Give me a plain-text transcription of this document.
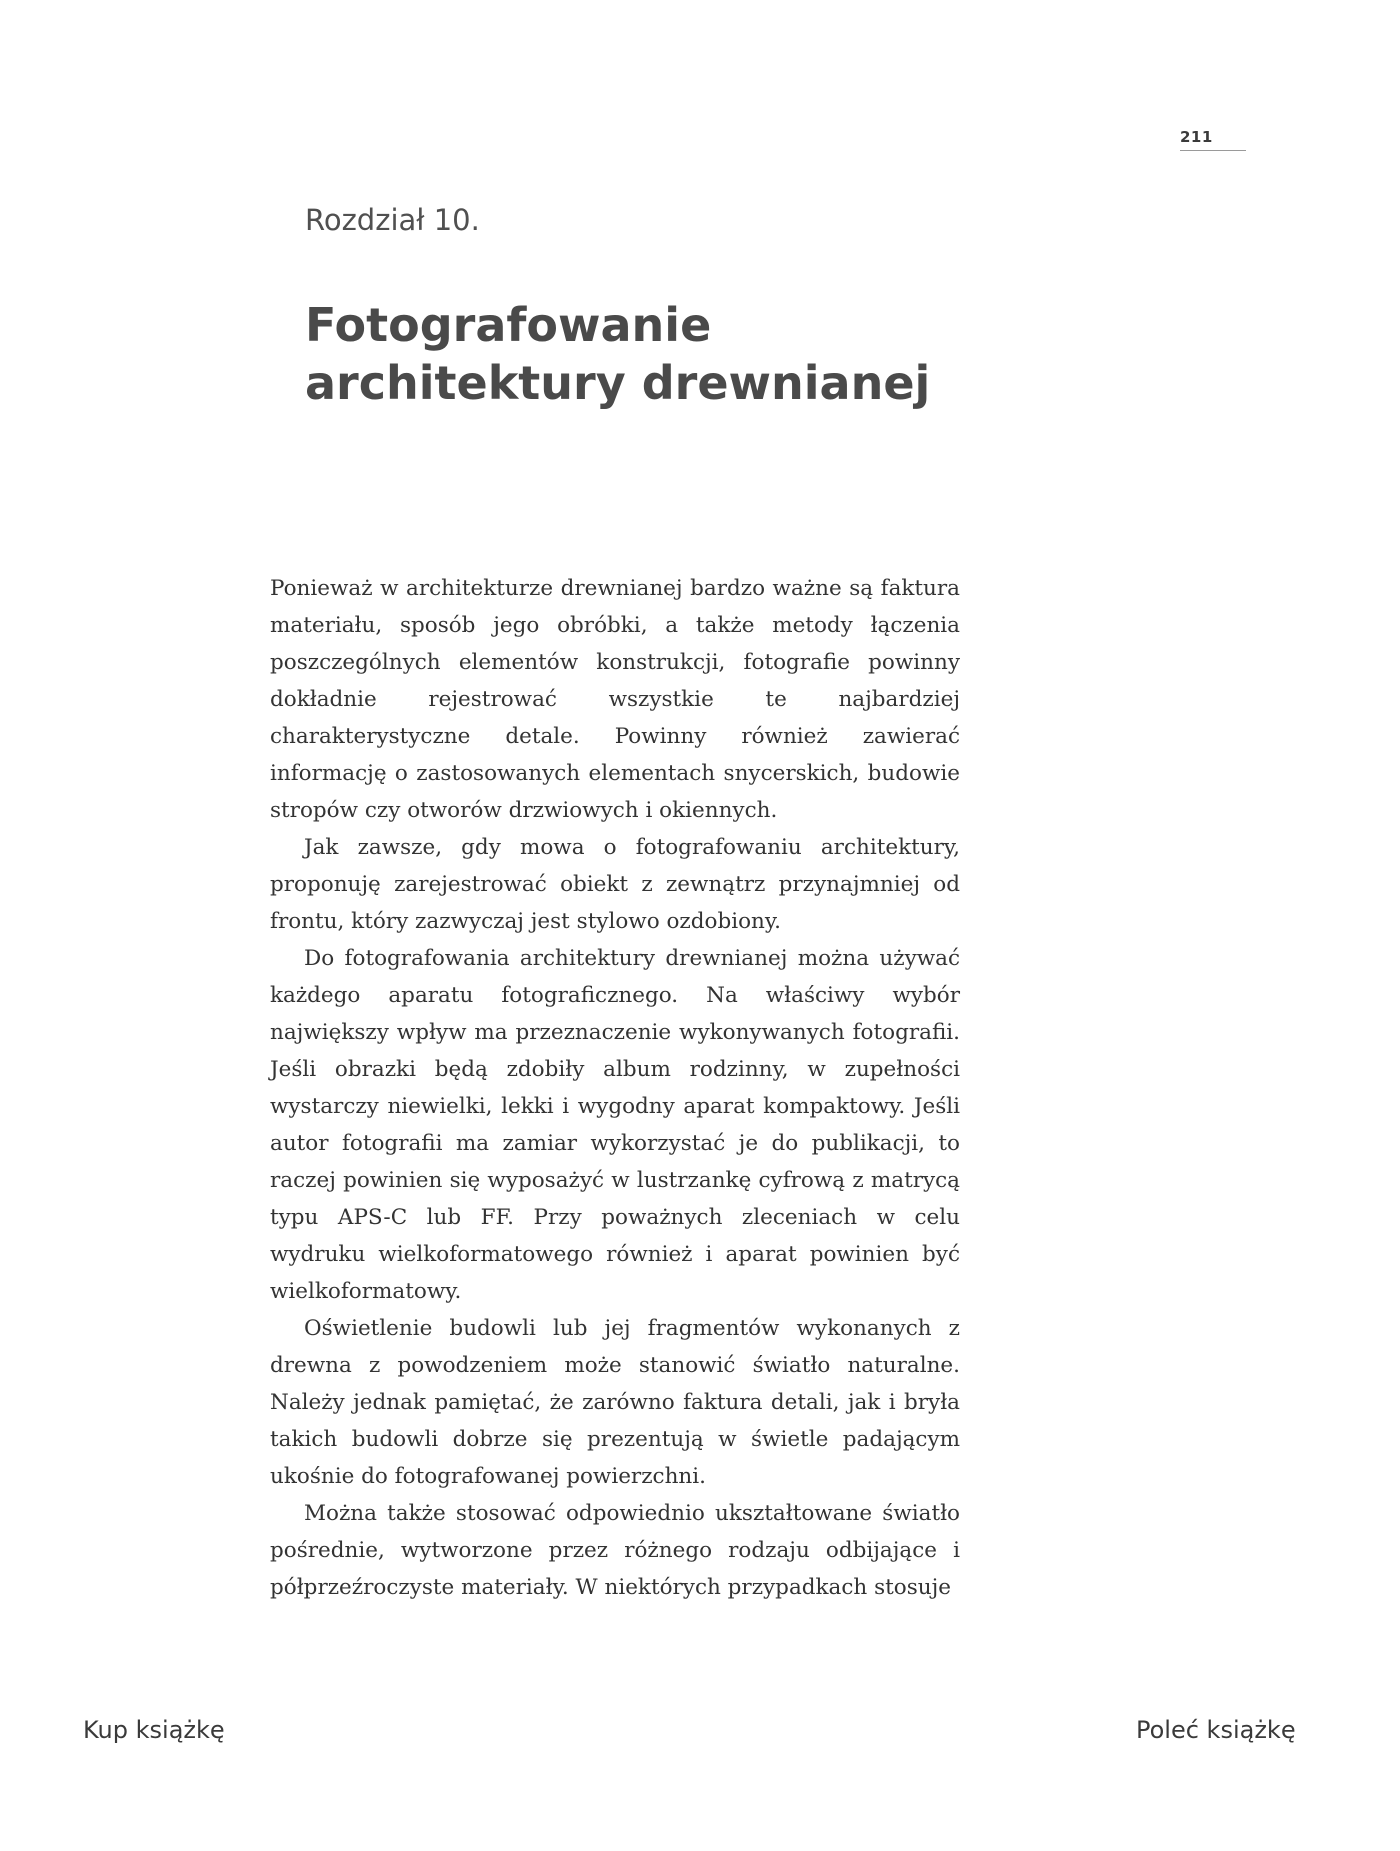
211
Rozdział 10.
Fotografowanie
architektury drewnianej

Ponieważ w architekturze drewnianej bardzo ważne są faktura materiału, sposób jego obróbki, a także metody łączenia poszczególnych elementów konstrukcji, fotografie powinny dokładnie rejestrować wszystkie te najbardziej charakterystyczne detale. Powinny również zawierać informację o zastosowanych elementach snycerskich, budowie stropów czy otworów drzwiowych i okiennych.

Jak zawsze, gdy mowa o fotografowaniu architektury, proponuję zarejestrować obiekt z zewnątrz przynajmniej od frontu, który zazwyczaj jest stylowo ozdobiony.

Do fotografowania architektury drewnianej można używać każdego aparatu fotograficznego. Na właściwy wybór największy wpływ ma przeznaczenie wykonywanych fotografii. Jeśli obrazki będą zdobiły album rodzinny, w zupełności wystarczy niewielki, lekki i wygodny aparat kompaktowy. Jeśli autor fotografii ma zamiar wykorzystać je do publikacji, to raczej powinien się wyposażyć w lustrzankę cyfrową z matrycą typu APS-C lub FF. Przy poważnych zleceniach w celu wydruku wielkoformatowego również i aparat powinien być wielkoformatowy.

Oświetlenie budowli lub jej fragmentów wykonanych z drewna z powodzeniem może stanowić światło naturalne. Należy jednak pamiętać, że zarówno faktura detali, jak i bryła takich budowli dobrze się prezentują w świetle padającym ukośnie do fotografowanej powierzchni.

Można także stosować odpowiednio ukształtowane światło pośrednie, wytworzone przez różnego rodzaju odbijające i półprzeźroczyste materiały. W niektórych przypadkach stosuje

Kup książkę	Poleć książkę
